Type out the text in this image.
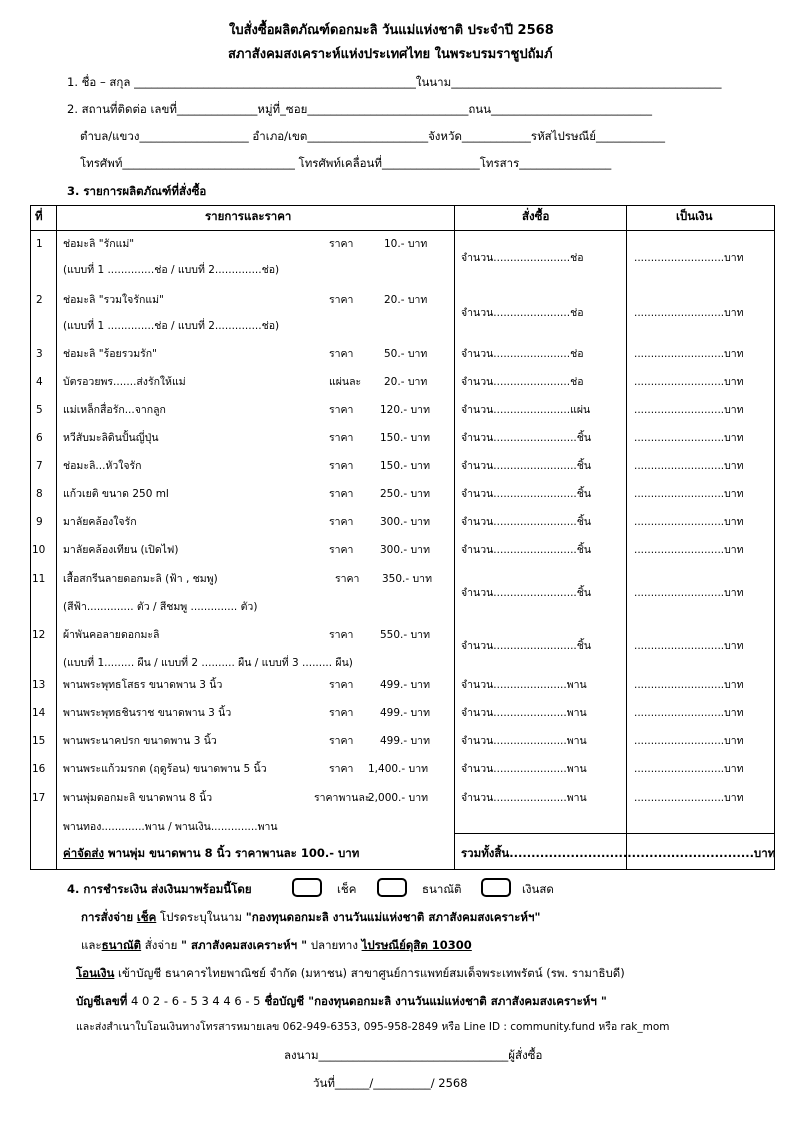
ใบสั่งซื้อผลิตภัณฑ์ดอกมะลิ วันแม่แห่งชาติ ประจำปี 2568
สภาสังคมสงเคราะห์แห่งประเทศไทย ในพระบรมราชูปถัมภ์
1. ชื่อ – สกุล _________________________________________________ในนาม_______________________________________________
2. สถานที่ติดต่อ เลขที่______________หมู่ที่_ซอย____________________________ถนน____________________________
ตำบล/แขวง___________________ อำเภอ/เขต_____________________จังหวัด____________รหัสไปรษณีย์____________
โทรศัพท์______________________________ โทรศัพท์เคลื่อนที่_________________โทรสาร________________
3. รายการผลิตภัณฑ์ที่สั่งซื้อ
ที่	รายการและราคา	สั่งซื้อ	เป็นเงิน
1 ช่อมะลิ "รักแม่"	ราคา	10.- บาท
(แบบที่ 1 ..............ช่อ / แบบที่ 2..............ช่อ)
จำนวน.......................ช่อ	...........................บาท
2 ช่อมะลิ "รวมใจรักแม่"	ราคา	20.- บาท
(แบบที่ 1 ..............ช่อ / แบบที่ 2..............ช่อ)
จำนวน.......................ช่อ	...........................บาท
3 ช่อมะลิ "ร้อยรวมรัก"	ราคา	50.- บาท	จำนวน.......................ช่อ	...........................บาท
4 บัตรอวยพร.......ส่งรักให้แม่	แผ่นละ 20.- บาท	จำนวน.......................ช่อ	...........................บาท
5 แม่เหล็กสื่อรัก...จากลูก	ราคา	120.- บาท	จำนวน.......................แผ่น	...........................บาท
6 หวีสับมะลิดินปั้นญี่ปุ่น	ราคา	150.- บาท	จำนวน.........................ชิ้น	...........................บาท
7 ช่อมะลิ...หัวใจรัก	ราคา	150.- บาท	จำนวน.........................ชิ้น	...........................บาท
8 แก้วเยติ ขนาด 250 ml	ราคา	250.- บาท	จำนวน.........................ชิ้น	...........................บาท
9 มาลัยคล้องใจรัก	ราคา	300.- บาท	จำนวน.........................ชิ้น	...........................บาท
10 มาลัยคล้องเทียน (เปิดไฟ)	ราคา	300.- บาท	จำนวน.........................ชิ้น	...........................บาท
11 เสื้อสกรีนลายดอกมะลิ (ฟ้า , ชมพู)	ราคา 350.- บาท
(สีฟ้า.............. ตัว / สีชมพู .............. ตัว)
จำนวน.........................ชิ้น	...........................บาท
12 ผ้าพันคอลายดอกมะลิ	ราคา	550.- บาท
(แบบที่ 1......... ผืน / แบบที่ 2 .......... ผืน / แบบที่ 3 ......... ผืน)
จำนวน.........................ชิ้น	...........................บาท
13 พานพระพุทธโสธร ขนาดพาน 3 นิ้ว	ราคา	499.- บาท	จำนวน......................พาน	...........................บาท
14 พานพระพุทธชินราช ขนาดพาน 3 นิ้ว	ราคา	499.- บาท	จำนวน......................พาน	...........................บาท
15 พานพระนาคปรก ขนาดพาน 3 นิ้ว	ราคา	499.- บาท	จำนวน......................พาน	...........................บาท
16 พานพระแก้วมรกต (ฤดูร้อน) ขนาดพาน 5 นิ้ว	ราคา 1,400.- บาท	จำนวน......................พาน	...........................บาท
17 พานพุ่มดอกมะลิ ขนาดพาน 8 นิ้ว	ราคาพานละ
2,000.- บาท
พานทอง.............พาน / พานเงิน..............พาน
จำนวน......................พาน	...........................บาท
ค่าจัดส่ง พานพุ่ม ขนาดพาน 8 นิ้ว ราคาพานละ 100.- บาท	รวมทั้งสิ้น........................................................บาท
4. การชำระเงิน ส่งเงินมาพร้อมนี้โดย	เช็ค	ธนาณัติ	เงินสด
การสั่งจ่าย เช็ค โปรดระบุในนาม "กองทุนดอกมะลิ งานวันแม่แห่งชาติ สภาสังคมสงเคราะห์ฯ"
และธนาณัติ สั่งจ่าย " สภาสังคมสงเคราะห์ฯ " ปลายทาง ไปรษณีย์ดุสิต 10300
โอนเงิน เข้าบัญชี ธนาคารไทยพาณิชย์ จำกัด (มหาชน) สาขาศูนย์การแพทย์สมเด็จพระเทพรัตน์ (รพ. รามาธิบดี)
บัญชีเลขที่ 4 0 2 - 6 - 5 3 4 4 6 - 5 ชื่อบัญชี "กองทุนดอกมะลิ งานวันแม่แห่งชาติ สภาสังคมสงเคราะห์ฯ "
และส่งสำเนาใบโอนเงินทางโทรสารหมายเลข 062-949-6353, 095-958-2849 หรือ Line ID : community.fund หรือ rak_mom
ลงนาม_________________________________ผู้สั่งซื้อ
วันที่______/__________/ 2568
